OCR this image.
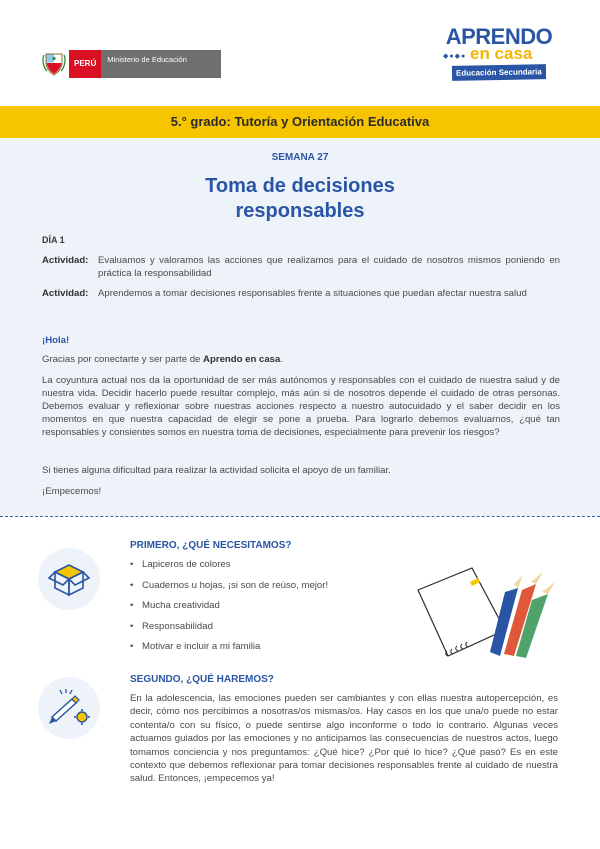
PERÚ	Ministerio de Educación
APRENDO
◆●◆● en casa
Educación Secundaria
5.° grado: Tutoría y Orientación Educativa
SEMANA 27
Toma de decisiones
responsables
DÍA 1
Actividad:	Evaluamos y valoramos las acciones que realizamos para el cuidado de nosotros mismos poniendo en práctica la responsabilidad
Actividad:	Aprendemos a tomar decisiones responsables frente a situaciones que puedan afectar nuestra salud
¡Hola!
Gracias por conectarte y ser parte de Aprendo en casa.
La coyuntura actual nos da la oportunidad de ser más autónomos y responsables con el cuidado de nuestra salud y de nuestra vida. Decidir hacerlo puede resultar complejo, más aún si de nosotros depende el cuidado de otras personas. Debemos evaluar y reflexionar sobre nuestras acciones respecto a nuestro autocuidado y el saber decidir en los momentos en que nuestra capacidad de elegir se pone a prueba. Para lograrlo debemos evaluarnos, ¿qué tan responsables y consientes somos en nuestra toma de decisiones, especialmente para prevenir los riesgos?
Si tienes alguna dificultad para realizar la actividad solicita el apoyo de un familiar.
¡Empecemos!
PRIMERO, ¿QUÉ NECESITAMOS?
• Lapiceros de colores
• Cuadernos u hojas, ¡si son de reúso, mejor!
• Mucha creatividad
• Responsabilidad
• Motivar e incluir a mi familia
SEGUNDO, ¿QUÉ HAREMOS?
En la adolescencia, las emociones pueden ser cambiantes y con ellas nuestra autopercepción, es decir, cómo nos percibimos a nosotras/os mismas/os. Hay casos en los que una/o puede no estar contenta/o con su físico, o puede sentirse algo inconforme o todo lo contrario. Algunas veces actuamos guiados por las emociones y no anticipamos las consecuencias de nuestros actos, luego tomamos conciencia y nos preguntamos: ¿Qué hice? ¿Por qué lo hice? ¿Qué pasó? Es en este contexto que debemos reflexionar para tomar decisiones responsables frente al cuidado de nuestra salud. Entonces, ¡empecemos ya!
